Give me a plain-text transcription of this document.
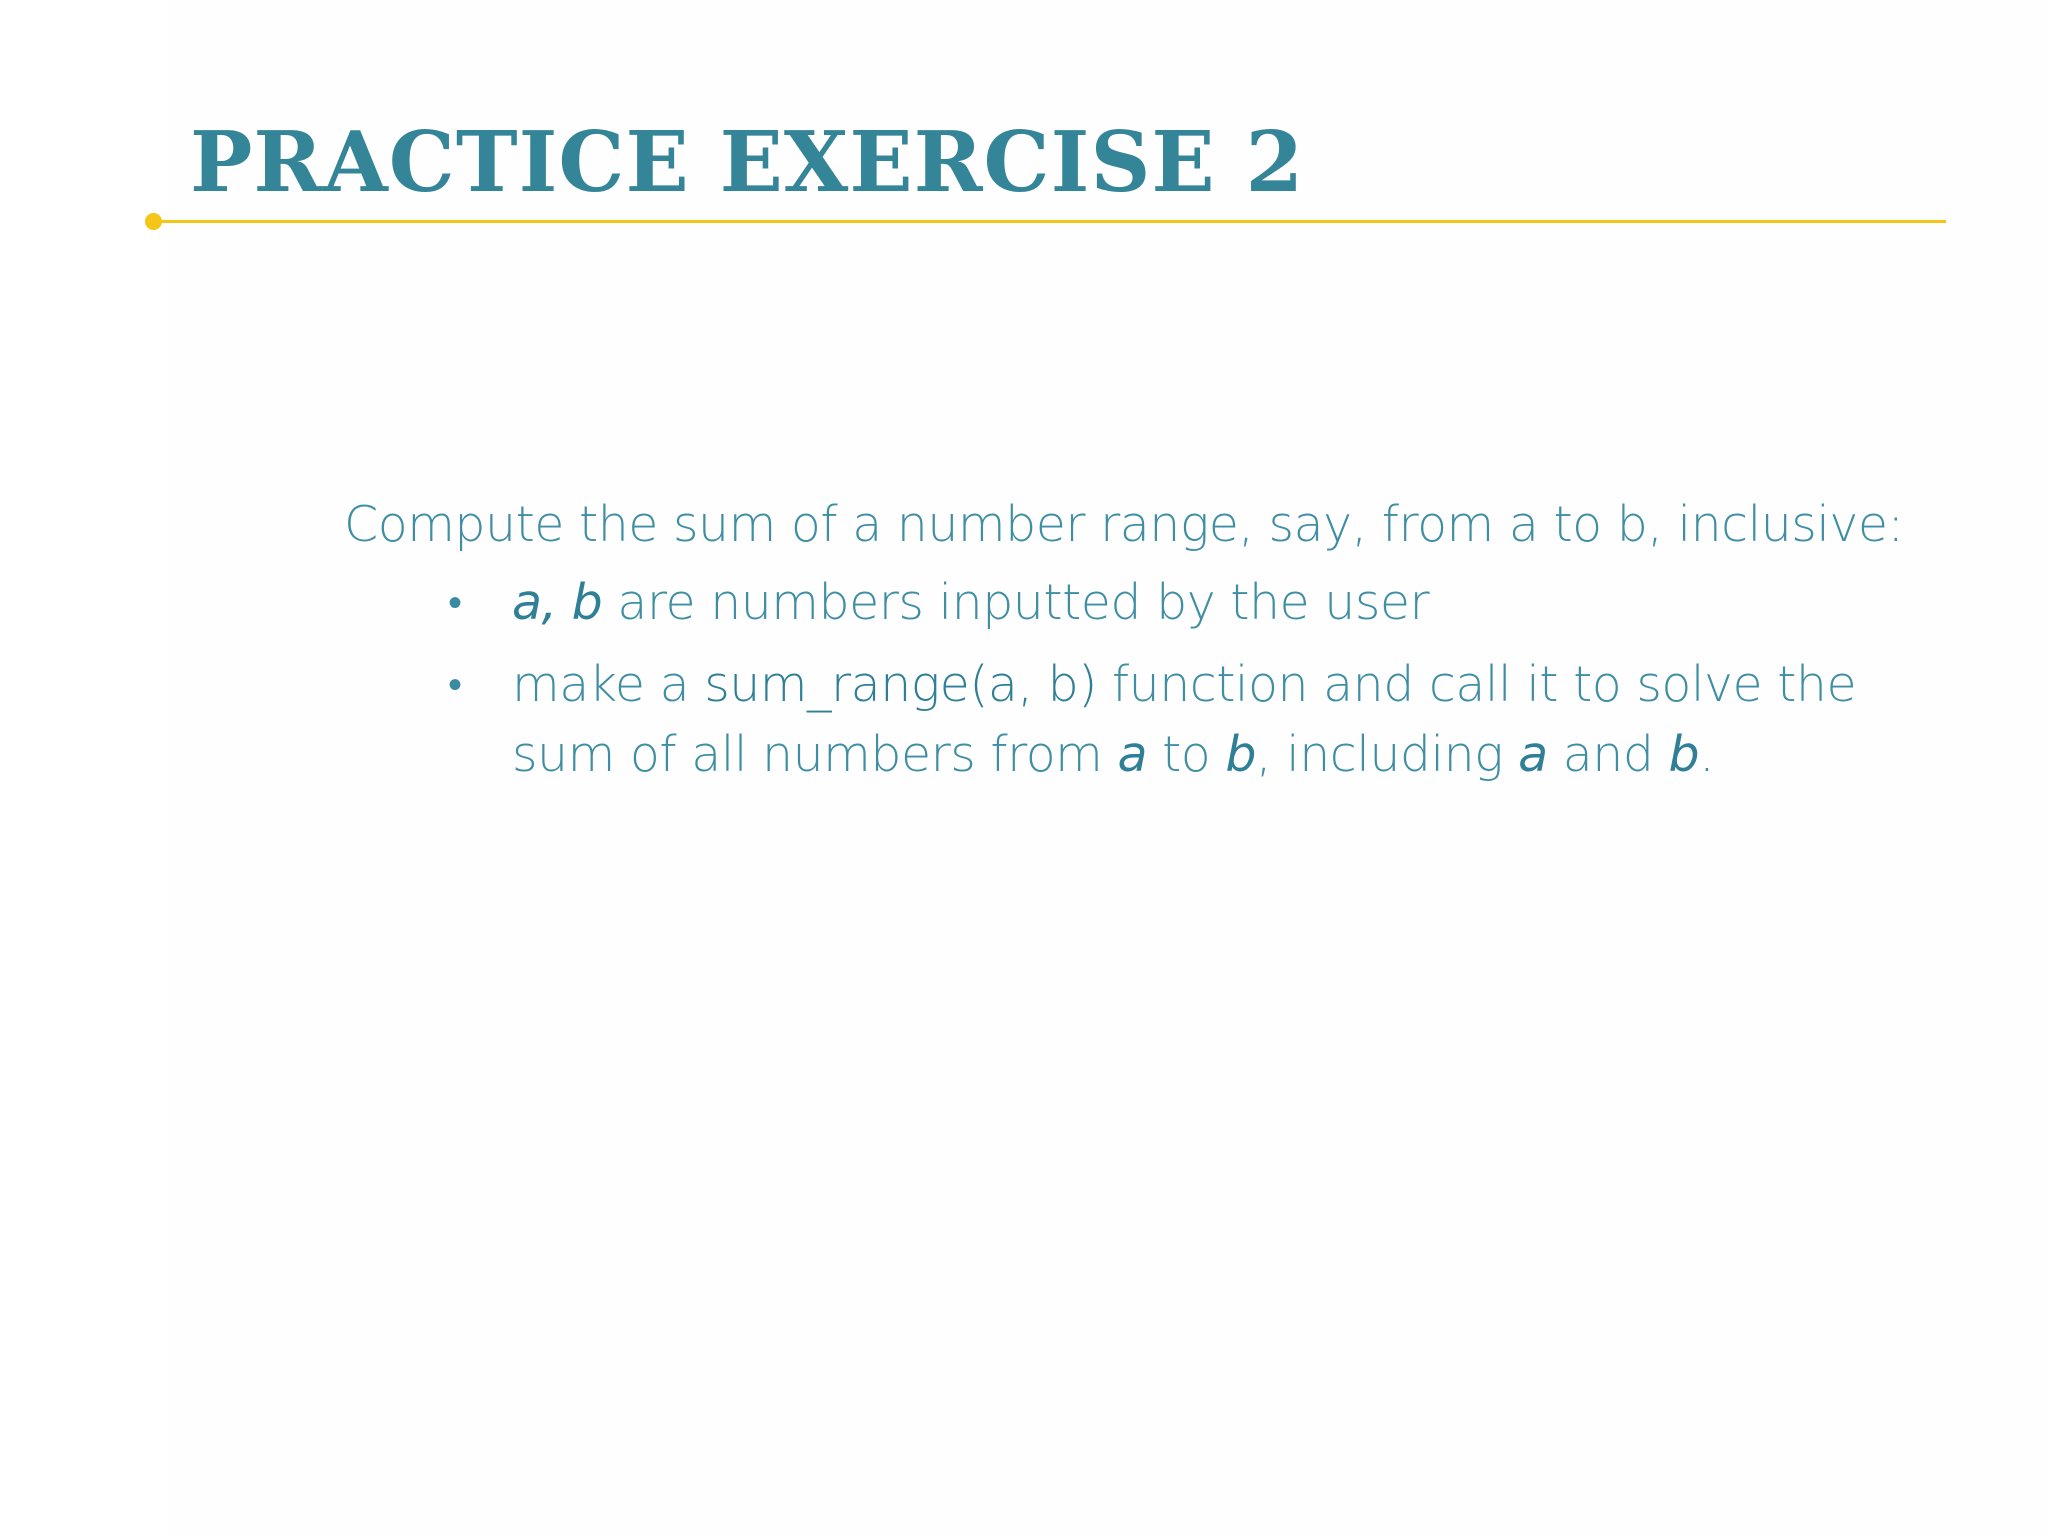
PRACTICE EXERCISE 2

Compute the sum of a number range, say, from a to b, inclusive:

• a, b are numbers inputted by the user
• make a sum_range(a, b) function and call it to solve the sum of all numbers from a to b, including a and b.
